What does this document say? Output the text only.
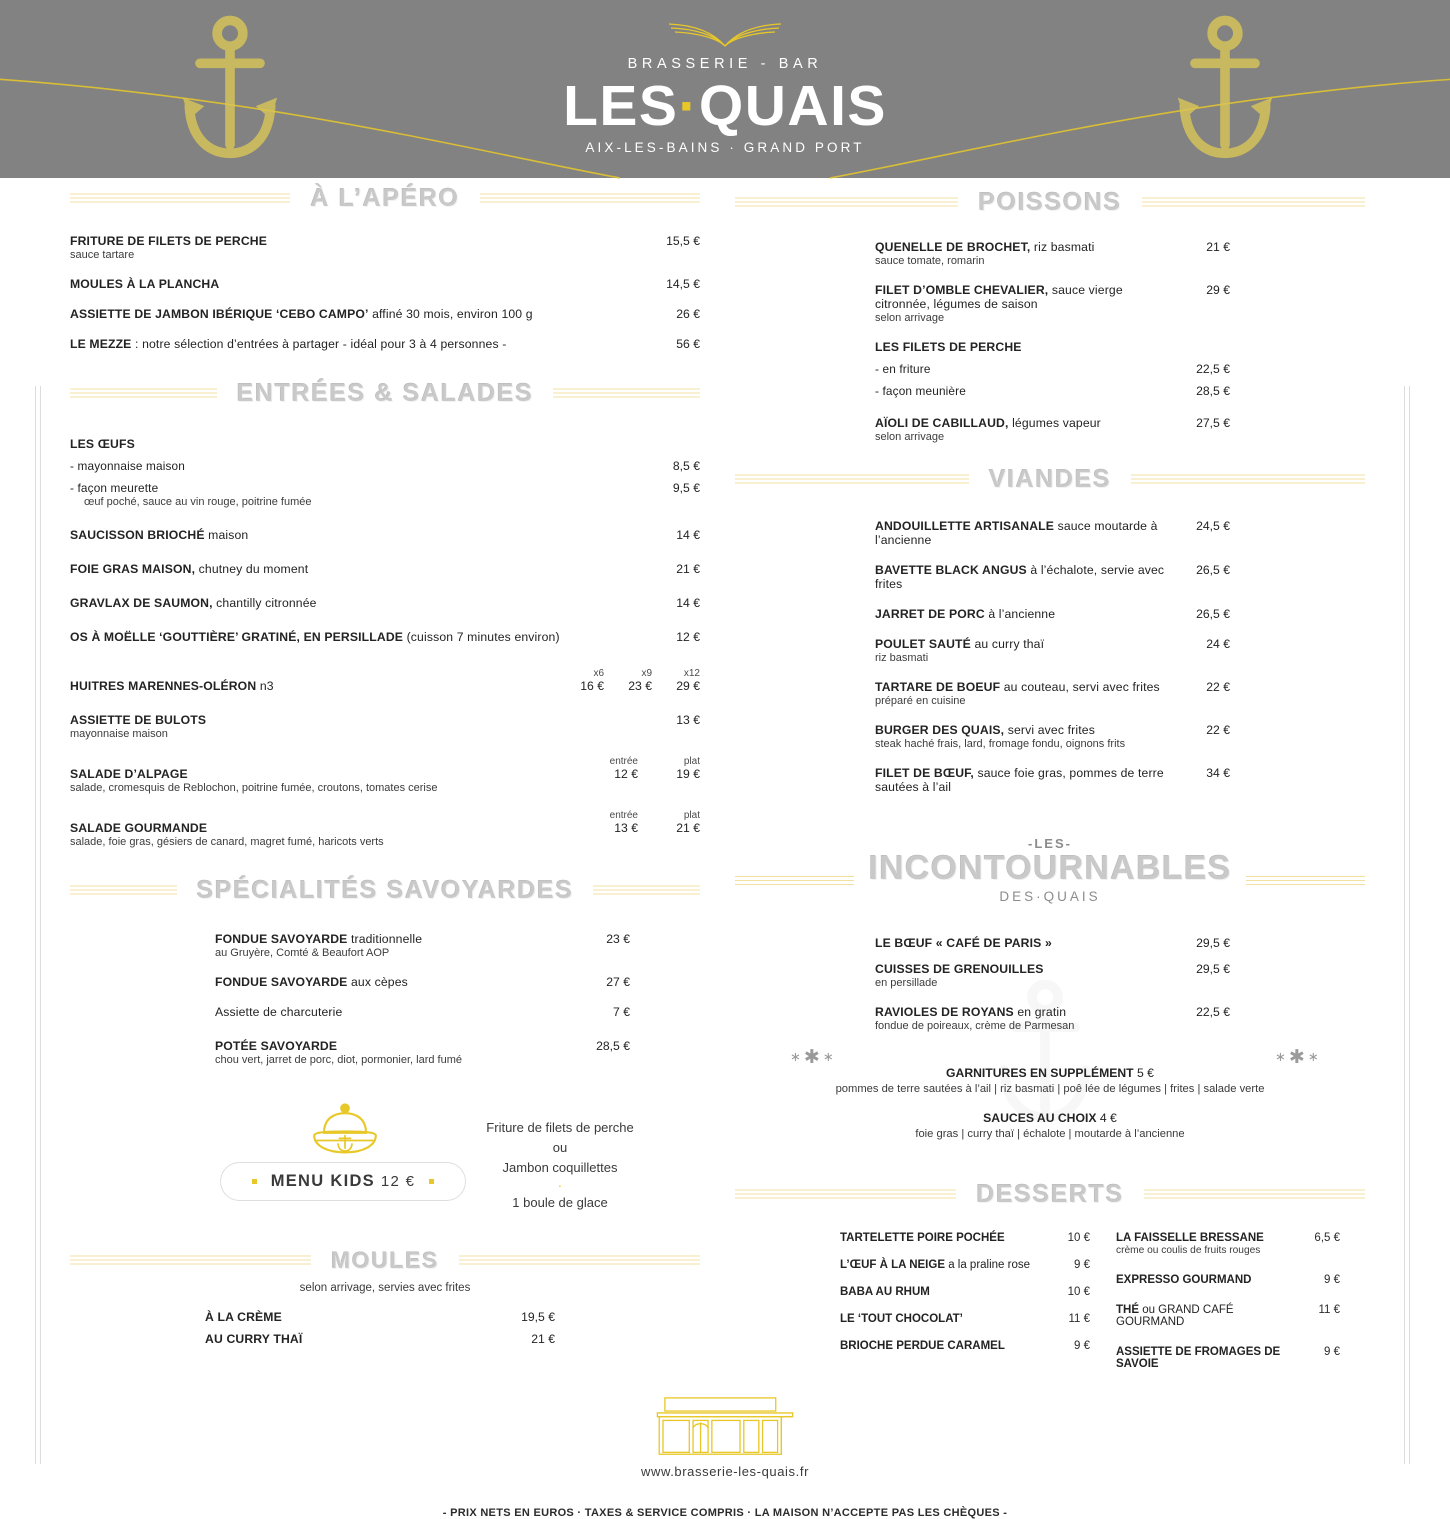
BRASSERIE - BAR
LES·QUAIS
AIX-LES-BAINS · GRAND PORT
À L’APÉRO
FRITURE DE FILETS DE PERCHE	15,5 €
sauce tartare
MOULES À LA PLANCHA	14,5 €
ASSIETTE DE JAMBON IBÉRIQUE ‘CEBO CAMPO’ affiné 30 mois, environ 100 g	26 €
LE MEZZE : notre sélection d’entrées à partager - idéal pour 3 à 4 personnes -	56 €
ENTRÉES & SALADES
LES ŒUFS
- mayonnaise maison	8,5 €
- façon meurette	9,5 €
œuf poché, sauce au vin rouge, poitrine fumée
SAUCISSON BRIOCHÉ maison	14 €
FOIE GRAS MAISON, chutney du moment	21 €
GRAVLAX DE SAUMON, chantilly citronnée	14 €
OS À MOËLLE ‘GOUTTIÈRE’ GRATINÉ, EN PERSILLADE (cuisson 7 minutes environ)	12 €
x6	x9	x12
HUITRES MARENNES-OLÉRON n3	16 €	23 €	29 €
ASSIETTE DE BULOTS	13 €
mayonnaise maison
entrée	plat
SALADE D’ALPAGE	12 €	19 €
salade, cromesquis de Reblochon, poitrine fumée, croutons, tomates cerise
entrée	plat
SALADE GOURMANDE	13 €	21 €
salade, foie gras, gésiers de canard, magret fumé, haricots verts
SPÉCIALITÉS SAVOYARDES
FONDUE SAVOYARDE traditionnelle	23 €
au Gruyère, Comté & Beaufort AOP
FONDUE SAVOYARDE aux cèpes	27 €
Assiette de charcuterie	7 €
POTÉE SAVOYARDE	28,5 €
chou vert, jarret de porc, diot, pormonier, lard fumé
MENU KIDS 12 €
Friture de filets de perche
ou
Jambon coquillettes
·
1 boule de glace
MOULES
selon arrivage, servies avec frites
À LA CRÈME	19,5 €
AU CURRY THAÏ	21 €
POISSONS
QUENELLE DE BROCHET, riz basmati	21 €
sauce tomate, romarin
FILET D’OMBLE CHEVALIER, sauce vierge citronnée, légumes de saison
29 €
selon arrivage
LES FILETS DE PERCHE
- en friture	22,5 €
- façon meunière	28,5 €
AÏOLI DE CABILLAUD, légumes vapeur	27,5 €
selon arrivage
VIANDES
ANDOUILLETTE ARTISANALE sauce moutarde à l’ancienne
24,5 €
BAVETTE BLACK ANGUS à l’échalote, servie avec frites
26,5 €
JARRET DE PORC à l’ancienne	26,5 €
POULET SAUTÉ au curry thaï	24 €
riz basmati
TARTARE DE BOEUF au couteau, servi avec frites	22 €
préparé en cuisine
BURGER DES QUAIS, servi avec frites	22 €
steak haché frais, lard, fromage fondu, oignons frits
FILET DE BŒUF, sauce foie gras, pommes de terre sautées à l’ail
34 €
-LES-
INCONTOURNABLES
DES·QUAIS
∗✱∗	∗✱∗
LE BŒUF « CAFÉ DE PARIS »	29,5 €
CUISSES DE GRENOUILLES	29,5 €
en persillade
RAVIOLES DE ROYANS en gratin	22,5 €
fondue de poireaux, crème de Parmesan
GARNITURES EN SUPPLÉMENT 5 €
pommes de terre sautées à l’ail | riz basmati | poê lée de légumes | frites | salade verte
SAUCES AU CHOIX 4 €
foie gras | curry thaï | échalote | moutarde à l’ancienne
DESSERTS
TARTELETTE POIRE POCHÉE	10 €
L’ŒUF À LA NEIGE a la praline rose	9 €
BABA AU RHUM	10 €
LE ‘TOUT CHOCOLAT’	11 €
BRIOCHE PERDUE CARAMEL	9 €
LA FAISSELLE BRESSANE	6,5 €
crème ou coulis de fruits rouges
EXPRESSO GOURMAND	9 €
THÉ ou GRAND CAFÉ GOURMAND
11 €
ASSIETTE DE FROMAGES DE SAVOIE
9 €
www.brasserie-les-quais.fr
- PRIX NETS EN EUROS · TAXES & SERVICE COMPRIS · LA MAISON N’ACCEPTE PAS LES CHÈQUES -
